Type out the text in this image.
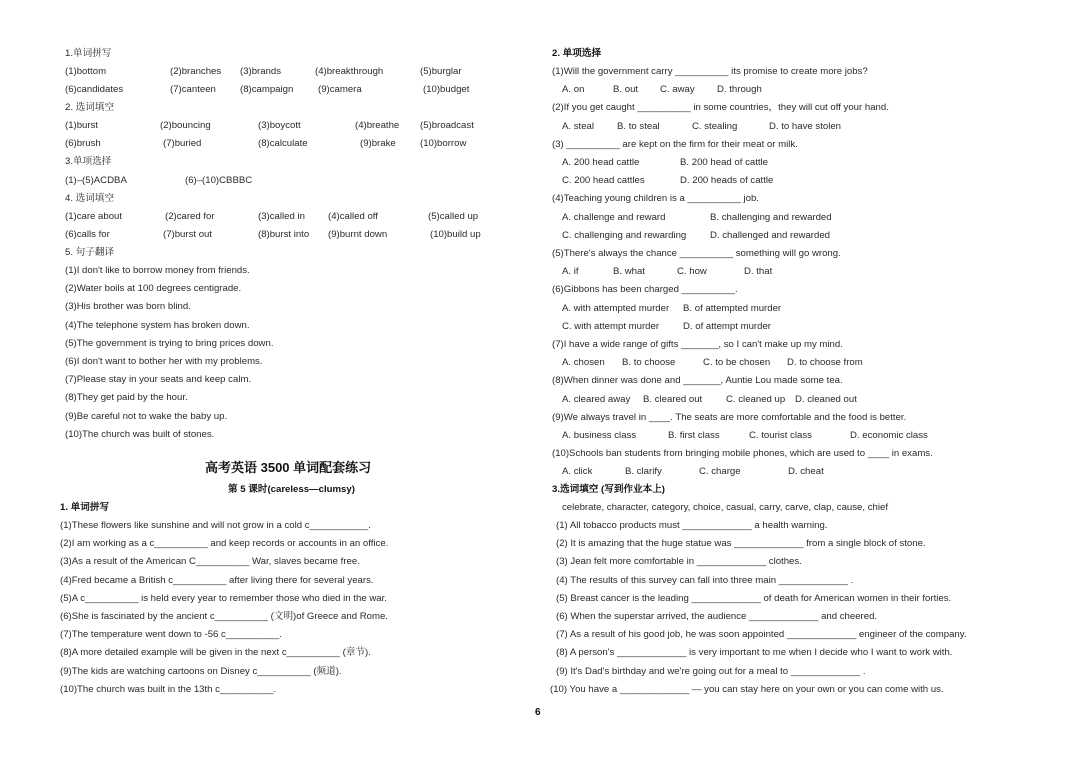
1.单词拼写
(1)bottom	(2)branches (3)brands	(4)breakthrough	(5)burglar
(6)candidates	(7)canteen	(8)campaign	(9)camera	(10)budget
2. 选词填空
(1)burst	(2)bouncing	(3)boycott	(4)breathe (5)broadcast
(6)brush	(7)buried	(8)calculate	(9)brake	(10)borrow
3.单项选择
(1)–(5)ACDBA	(6)–(10)CBBBC
4. 选词填空
(1)care about	(2)cared for	(3)called in (4)called off	(5)called up
(6)calls for	(7)burst out	(8)burst into (9)burnt down	(10)build up
5. 句子翻译
(1)I don't like to borrow money from friends.
(2)Water boils at 100 degrees centigrade.
(3)His brother was born blind.
(4)The telephone system has broken down.
(5)The government is trying to bring prices down.
(6)I don't want to bother her with my problems.
(7)Please stay in your seats and keep calm.
(8)They get paid by the hour.
(9)Be careful not to wake the baby up.
(10)The church was built of stones.
高考英语 3500 单词配套练习
第 5 课时(careless—clumsy)
1. 单词拼写
(1)These flowers like sunshine and will not grow in a cold c___________.
(2)I am working as a c__________ and keep records or accounts in an office.
(3)As a result of the American C__________ War, slaves became free.
(4)Fred became a British c__________ after living there for several years.
(5)A c__________ is held every year to remember those who died in the war.
(6)She is fascinated by the ancient c__________ (文明)of Greece and Rome.
(7)The temperature went down to -56 c__________.
(8)A more detailed example will be given in the next c__________ (章节).
(9)The kids are watching cartoons on Disney c__________ (频道).
(10)The church was built in the 13th c__________.
2. 单项选择
(1)Will the government carry __________ its promise to create more jobs?
A. on	B. out C. away D. through
(2)If you get caught __________ in some countries，they will cut off your hand.
A. steal B. to steal	C. stealing	D. to have stolen
(3) __________ are kept on the firm for their meat or milk.
A. 200 head cattle	B. 200 head of cattle
C. 200 head cattles	D. 200 heads of cattle
(4)Teaching young children is a __________ job.
A. challenge and reward	B. challenging and rewarded
C. challenging and rewarding D. challenged and rewarded
(5)There's always the chance __________ something will go wrong.
A. if	B. what	C. how	D. that
(6)Gibbons has been charged __________.
A. with attempted murder B. of attempted murder
C. with attempt murder D. of attempt murder
(7)I have a wide range of gifts _______, so I can't make up my mind.
A. chosen B. to choose	C. to be chosen D. to choose from
(8)When dinner was done and _______, Auntie Lou made some tea.
A. cleared away B. cleared out C. cleaned up D. cleaned out
(9)We always travel in ____. The seats are more comfortable and the food is better.
A. business class	B. first class	C. tourist class	D. economic class
(10)Schools ban students from bringing mobile phones, which are used to ____ in exams.
A. click	B. clarify	C. charge	D. cheat
3.选词填空 (写到作业本上)
celebrate, character, category, choice, casual, carry, carve, clap, cause, chief
(1) All tobacco products must _____________ a health warning.
(2) It is amazing that the huge statue was _____________ from a single block of stone.
(3) Jean felt more comfortable in _____________ clothes.
(4) The results of this survey can fall into three main _____________ .
(5) Breast cancer is the leading _____________ of death for American women in their forties.
(6) When the superstar arrived, the audience _____________ and cheered.
(7) As a result of his good job, he was soon appointed _____________ engineer of the company.
(8) A person's _____________ is very important to me when I decide who I want to work with.
(9) It's Dad's birthday and we're going out for a meal to _____________ .
(10) You have a _____________ — you can stay here on your own or you can come with us.
6
